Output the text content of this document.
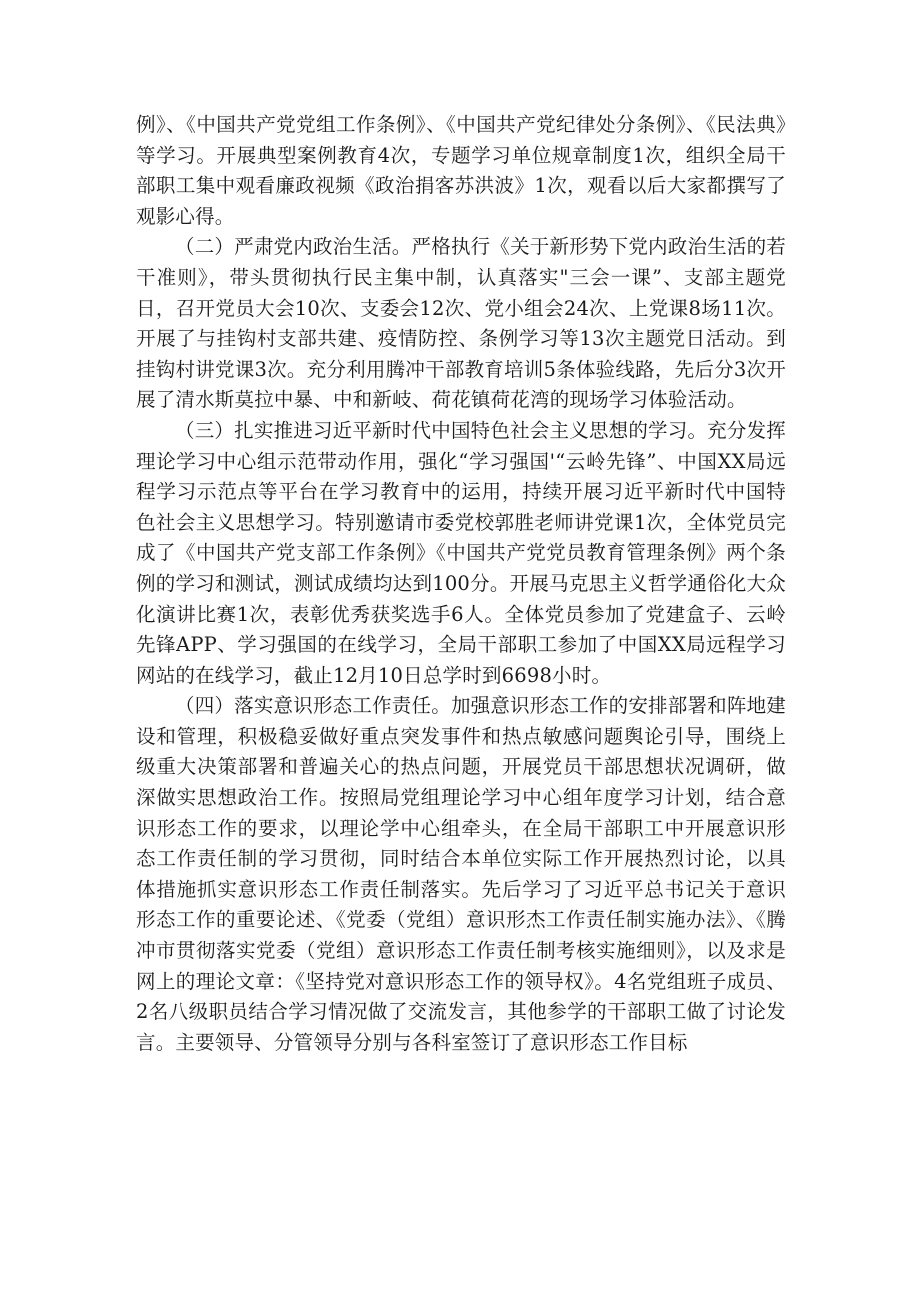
例》、《中国共产党党组工作条例》、《中国共产党纪律处分条例》、《民法典》等学习。开展典型案例教育4次，专题学习单位规章制度1次，组织全局干部职工集中观看廉政视频《政治捐客苏洪波》1次，观看以后大家都撰写了观影心得。

（二）严肃党内政治生活。严格执行《关于新形势下党内政治生活的若干准则》，带头贯彻执行民主集中制，认真落实"三会一课”、支部主题党日，召开党员大会10次、支委会12次、党小组会24次、上党课8场11次。开展了与挂钩村支部共建、疫情防控、条例学习等13次主题党日活动。到挂钩村讲党课3次。充分利用腾冲干部教育培训5条体验线路，先后分3次开展了清水斯莫拉中暴、中和新岐、荷花镇荷花湾的现场学习体验活动。

（三）扎实推进习近平新时代中国特色社会主义思想的学习。充分发挥理论学习中心组示范带动作用，强化“学习强国'“云岭先锋”、中国XX局远程学习示范点等平台在学习教育中的运用，持续开展习近平新时代中国特色社会主义思想学习。特别邀请市委党校郭胜老师讲党课1次，全体党员完成了《中国共产党支部工作条例》《中国共产党党员教育管理条例》两个条例的学习和测试，测试成绩均达到100分。开展马克思主义哲学通俗化大众化演讲比赛1次，表彰优秀获奖选手6人。全体党员参加了党建盒子、云岭先锋APP、学习强国的在线学习，全局干部职工参加了中国XX局远程学习网站的在线学习，截止12月10日总学时到6698小时。

（四）落实意识形态工作责任。加强意识形态工作的安排部署和阵地建设和管理，积极稳妥做好重点突发事件和热点敏感问题舆论引导，围绕上级重大决策部署和普遍关心的热点问题，开展党员干部思想状况调研，做深做实思想政治工作。按照局党组理论学习中心组年度学习计划，结合意识形态工作的要求，以理论学中心组牵头，在全局干部职工中开展意识形态工作责任制的学习贯彻，同时结合本单位实际工作开展热烈讨论，以具体措施抓实意识形态工作责任制落实。先后学习了习近平总书记关于意识形态工作的重要论述、《党委（党组）意识形杰工作责任制实施办法》、《腾冲市贯彻落实党委（党组）意识形态工作责任制考核实施细则》，以及求是网上的理论文章：《坚持党对意识形态工作的领导权》。4名党组班子成员、2名八级职员结合学习情况做了交流发言，其他参学的干部职工做了讨论发言。主要领导、分管领导分别与各科室签订了意识形态工作目标
